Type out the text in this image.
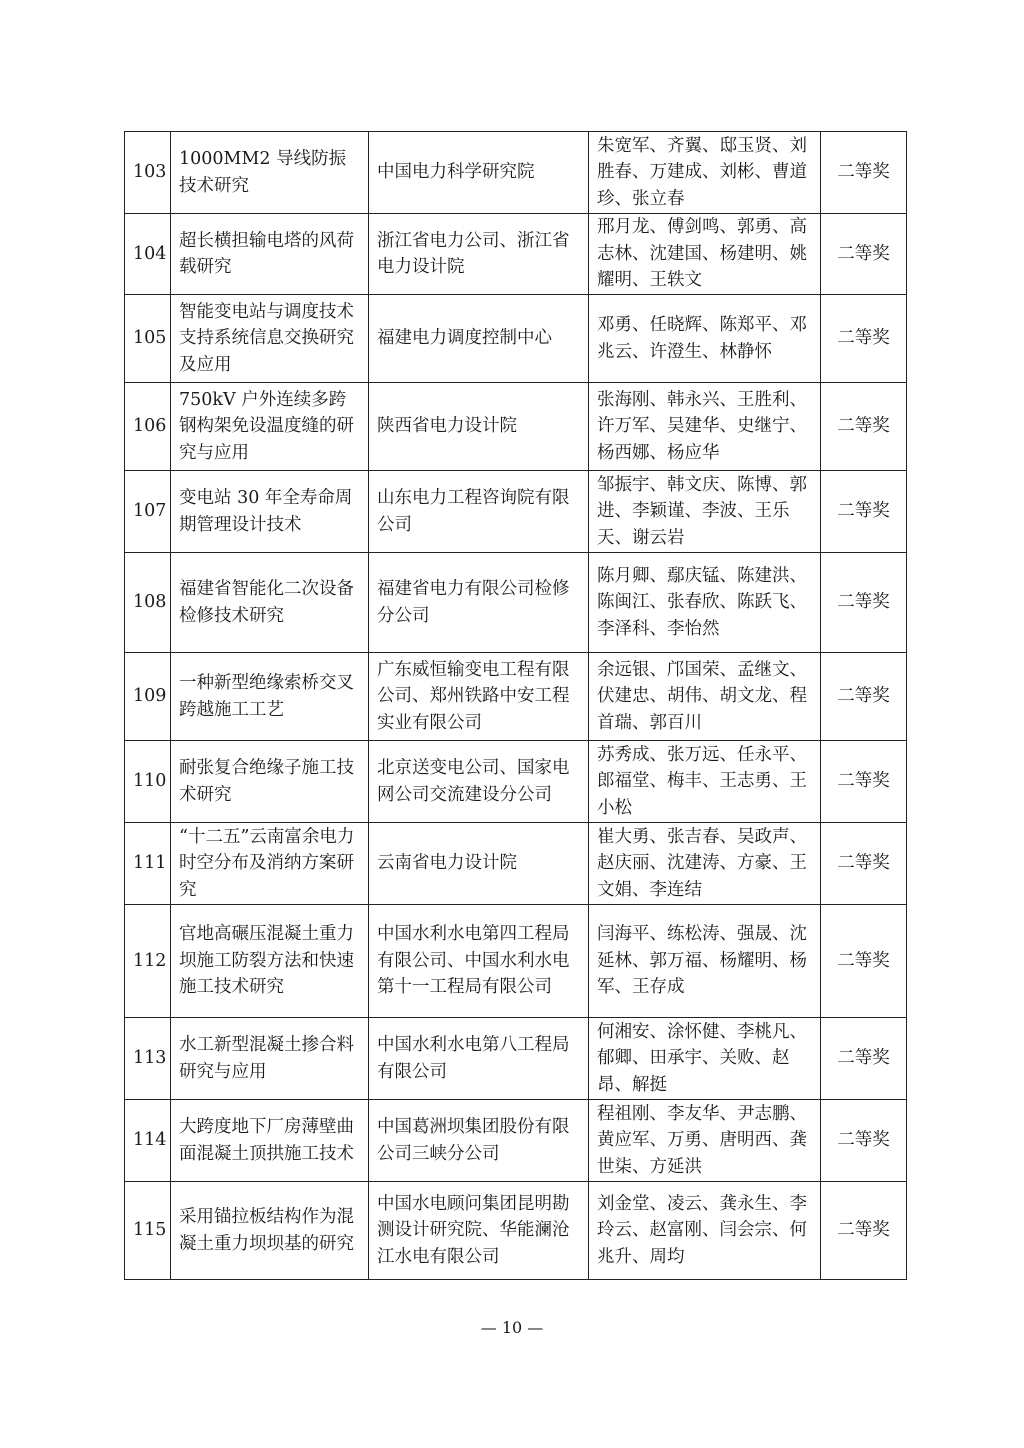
103	1000MM2 导线防振技术研究	中国电力科学研究院	朱宽军、齐翼、邸玉贤、刘胜春、万建成、刘彬、曹道珍、张立春	二等奖
104	超长横担输电塔的风荷载研究	浙江省电力公司、浙江省电力设计院	邢月龙、傅剑鸣、郭勇、高志林、沈建国、杨建明、姚耀明、王轶文	二等奖
105	智能变电站与调度技术支持系统信息交换研究及应用	福建电力调度控制中心	邓勇、任晓辉、陈郑平、邓兆云、许澄生、林静怀	二等奖
106	750kV 户外连续多跨钢构架免设温度缝的研究与应用	陕西省电力设计院	张海刚、韩永兴、王胜利、许万军、吴建华、史继宁、杨西娜、杨应华	二等奖
107	变电站 30 年全寿命周期管理设计技术	山东电力工程咨询院有限公司	邹振宇、韩文庆、陈博、郭进、李颖谨、李波、王乐天、谢云岩	二等奖
108	福建省智能化二次设备检修技术研究	福建省电力有限公司检修分公司	陈月卿、鄢庆锰、陈建洪、陈闽江、张春欣、陈跃飞、李泽科、李怡然	二等奖
109	一种新型绝缘索桥交叉跨越施工工艺	广东威恒输变电工程有限公司、郑州铁路中安工程实业有限公司	余远银、邝国荣、孟继文、伏建忠、胡伟、胡文龙、程首瑞、郭百川	二等奖
110	耐张复合绝缘子施工技术研究	北京送变电公司、国家电网公司交流建设分公司	苏秀成、张万远、任永平、郎福堂、梅丰、王志勇、王小松	二等奖
111	“十二五”云南富余电力时空分布及消纳方案研究	云南省电力设计院	崔大勇、张吉春、吴政声、赵庆丽、沈建涛、方豪、王文娟、李连结	二等奖
112	官地高碾压混凝土重力坝施工防裂方法和快速施工技术研究	中国水利水电第四工程局有限公司、中国水利水电第十一工程局有限公司	闫海平、练松涛、强晟、沈延林、郭万福、杨耀明、杨军、王存成	二等奖
113	水工新型混凝土掺合料研究与应用	中国水利水电第八工程局有限公司	何湘安、涂怀健、李桃凡、郁卿、田承宇、关败、赵昂、解挺	二等奖
114	大跨度地下厂房薄壁曲面混凝土顶拱施工技术	中国葛洲坝集团股份有限公司三峡分公司	程祖刚、李友华、尹志鹏、黄应军、万勇、唐明西、龚世柒、方延洪	二等奖
115	采用锚拉板结构作为混凝土重力坝坝基的研究	中国水电顾问集团昆明勘测设计研究院、华能澜沧江水电有限公司	刘金堂、凌云、龚永生、李玲云、赵富刚、闫会宗、何兆升、周均	二等奖
— 10 —
